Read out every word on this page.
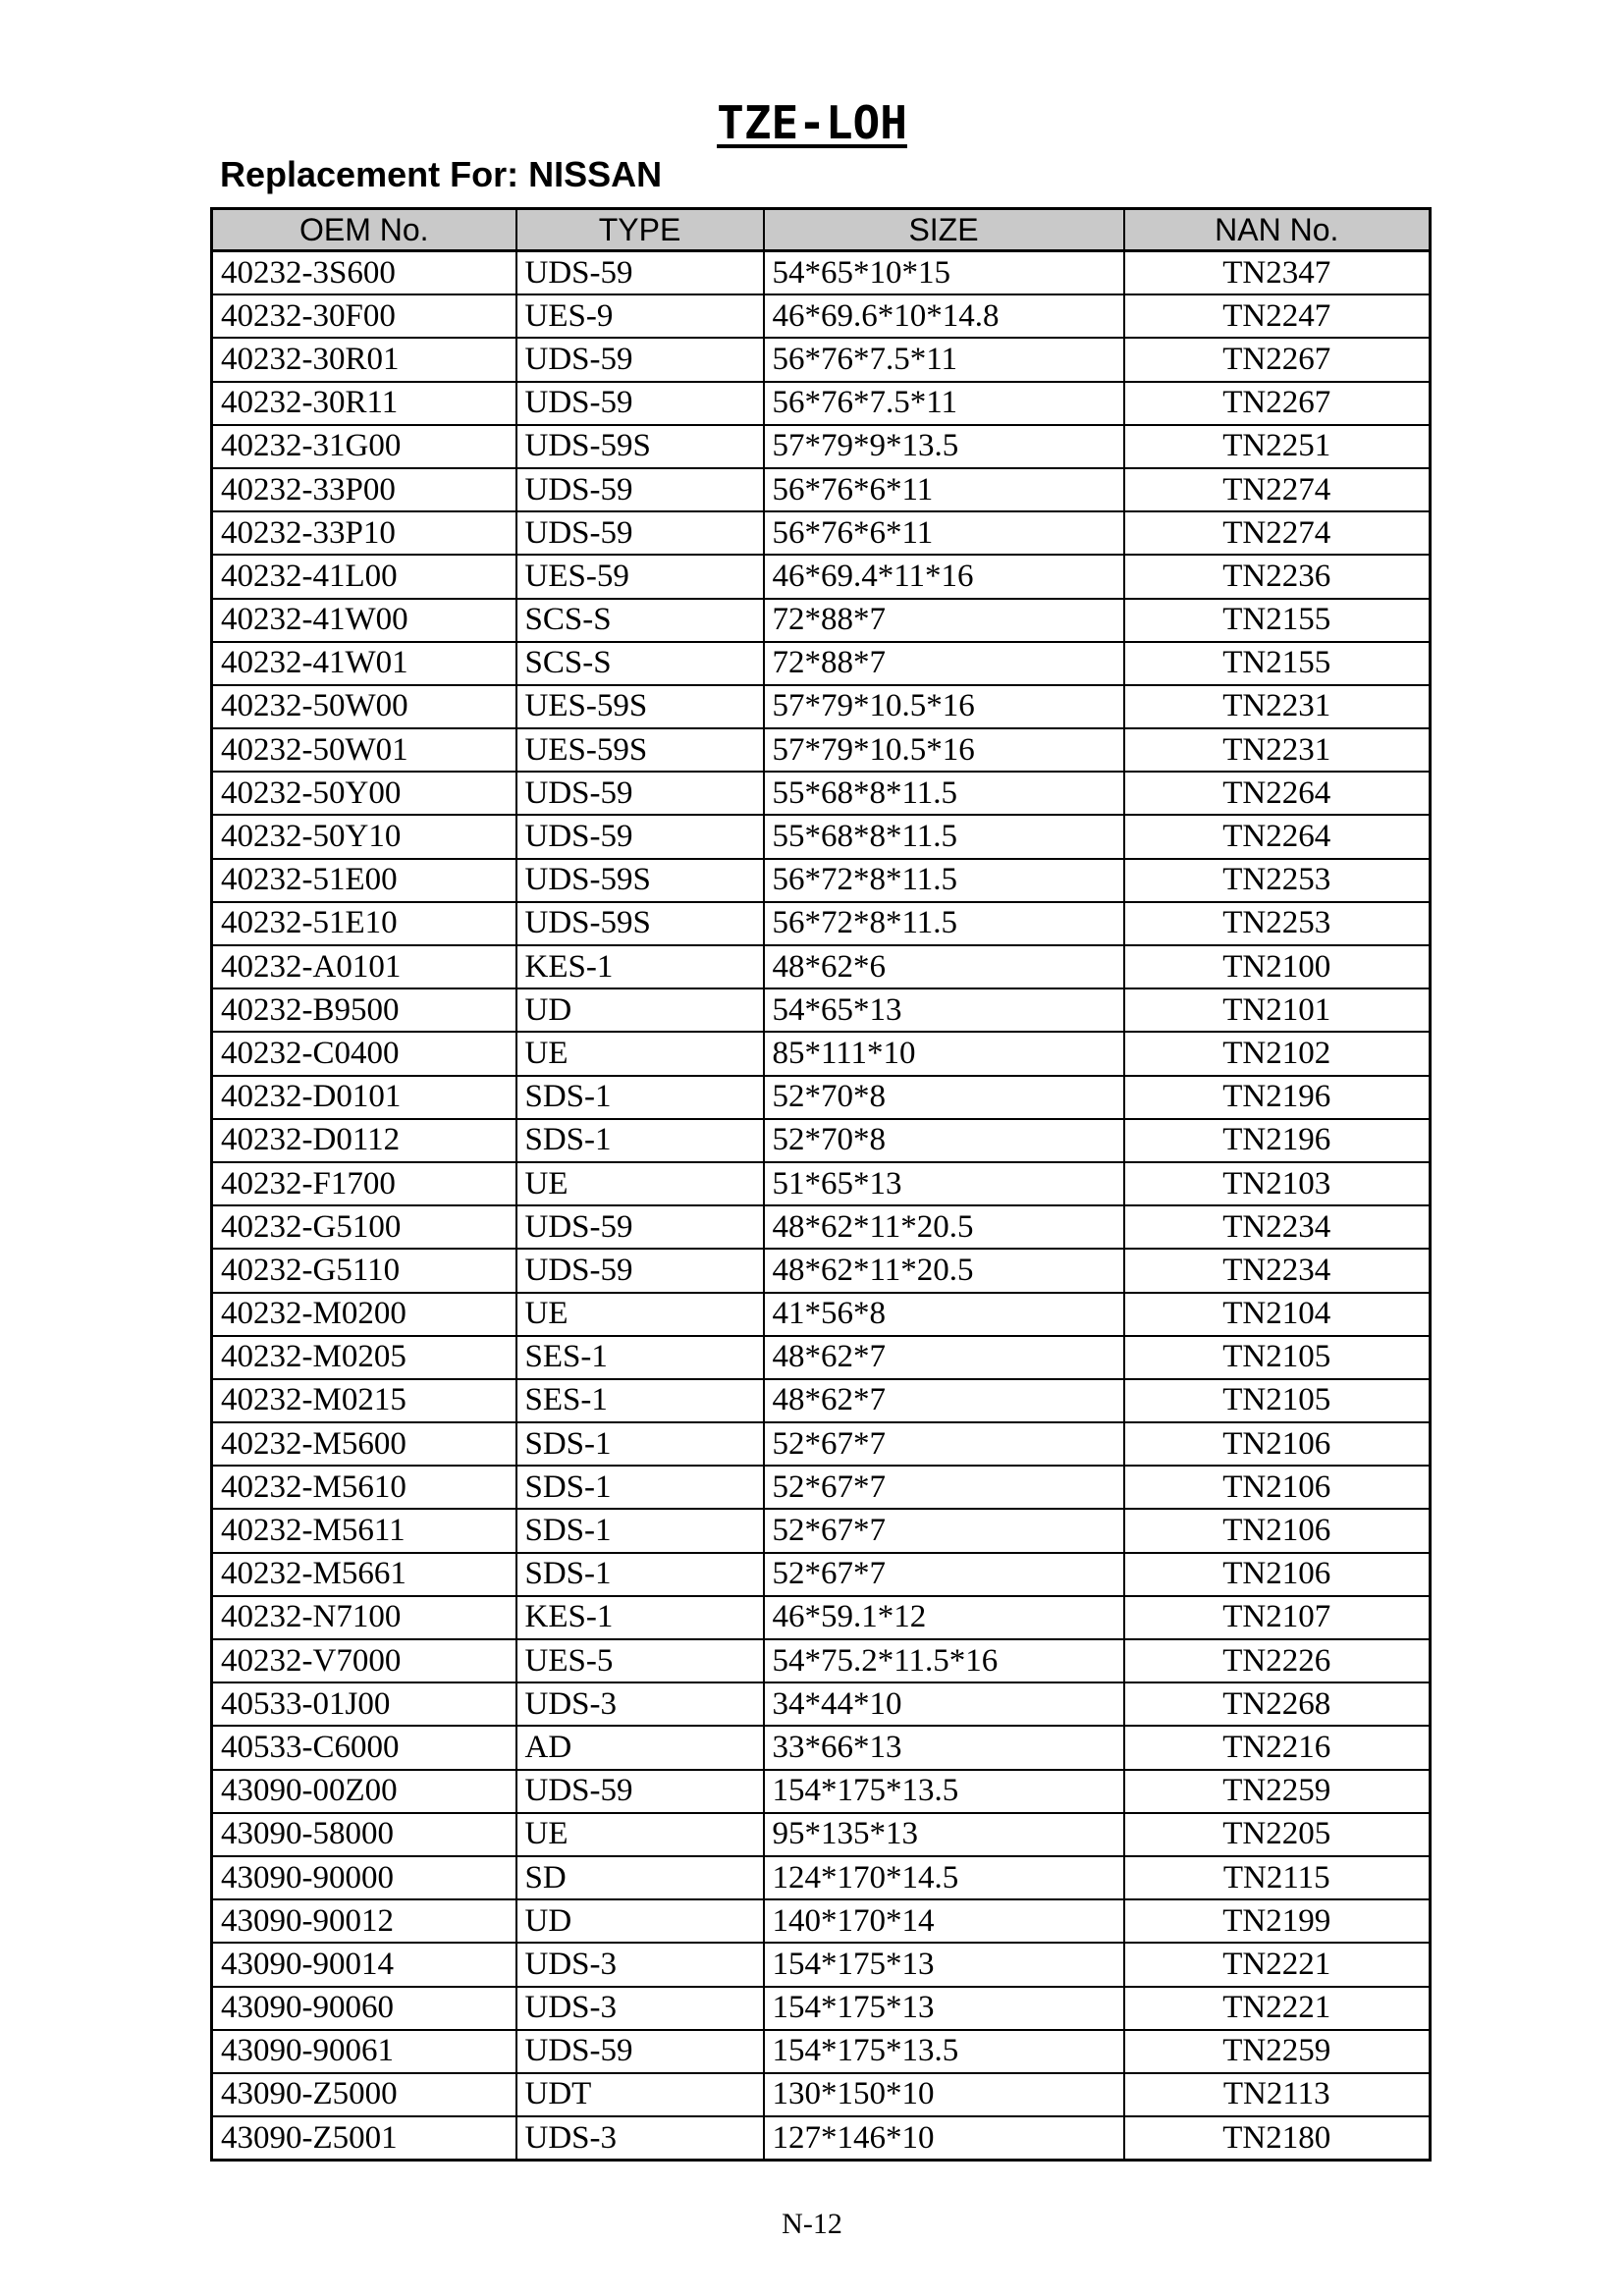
TZE-LOH
Replacement For: NISSAN
OEM No.	TYPE	SIZE	NAN No.
40232-3S600	UDS-59	54*65*10*15	TN2347
40232-30F00	UES-9	46*69.6*10*14.8	TN2247
40232-30R01	UDS-59	56*76*7.5*11	TN2267
40232-30R11	UDS-59	56*76*7.5*11	TN2267
40232-31G00	UDS-59S	57*79*9*13.5	TN2251
40232-33P00	UDS-59	56*76*6*11	TN2274
40232-33P10	UDS-59	56*76*6*11	TN2274
40232-41L00	UES-59	46*69.4*11*16	TN2236
40232-41W00	SCS-S	72*88*7	TN2155
40232-41W01	SCS-S	72*88*7	TN2155
40232-50W00	UES-59S	57*79*10.5*16	TN2231
40232-50W01	UES-59S	57*79*10.5*16	TN2231
40232-50Y00	UDS-59	55*68*8*11.5	TN2264
40232-50Y10	UDS-59	55*68*8*11.5	TN2264
40232-51E00	UDS-59S	56*72*8*11.5	TN2253
40232-51E10	UDS-59S	56*72*8*11.5	TN2253
40232-A0101	KES-1	48*62*6	TN2100
40232-B9500	UD	54*65*13	TN2101
40232-C0400	UE	85*111*10	TN2102
40232-D0101	SDS-1	52*70*8	TN2196
40232-D0112	SDS-1	52*70*8	TN2196
40232-F1700	UE	51*65*13	TN2103
40232-G5100	UDS-59	48*62*11*20.5	TN2234
40232-G5110	UDS-59	48*62*11*20.5	TN2234
40232-M0200	UE	41*56*8	TN2104
40232-M0205	SES-1	48*62*7	TN2105
40232-M0215	SES-1	48*62*7	TN2105
40232-M5600	SDS-1	52*67*7	TN2106
40232-M5610	SDS-1	52*67*7	TN2106
40232-M5611	SDS-1	52*67*7	TN2106
40232-M5661	SDS-1	52*67*7	TN2106
40232-N7100	KES-1	46*59.1*12	TN2107
40232-V7000	UES-5	54*75.2*11.5*16	TN2226
40533-01J00	UDS-3	34*44*10	TN2268
40533-C6000	AD	33*66*13	TN2216
43090-00Z00	UDS-59	154*175*13.5	TN2259
43090-58000	UE	95*135*13	TN2205
43090-90000	SD	124*170*14.5	TN2115
43090-90012	UD	140*170*14	TN2199
43090-90014	UDS-3	154*175*13	TN2221
43090-90060	UDS-3	154*175*13	TN2221
43090-90061	UDS-59	154*175*13.5	TN2259
43090-Z5000	UDT	130*150*10	TN2113
43090-Z5001	UDS-3	127*146*10	TN2180
N-12
